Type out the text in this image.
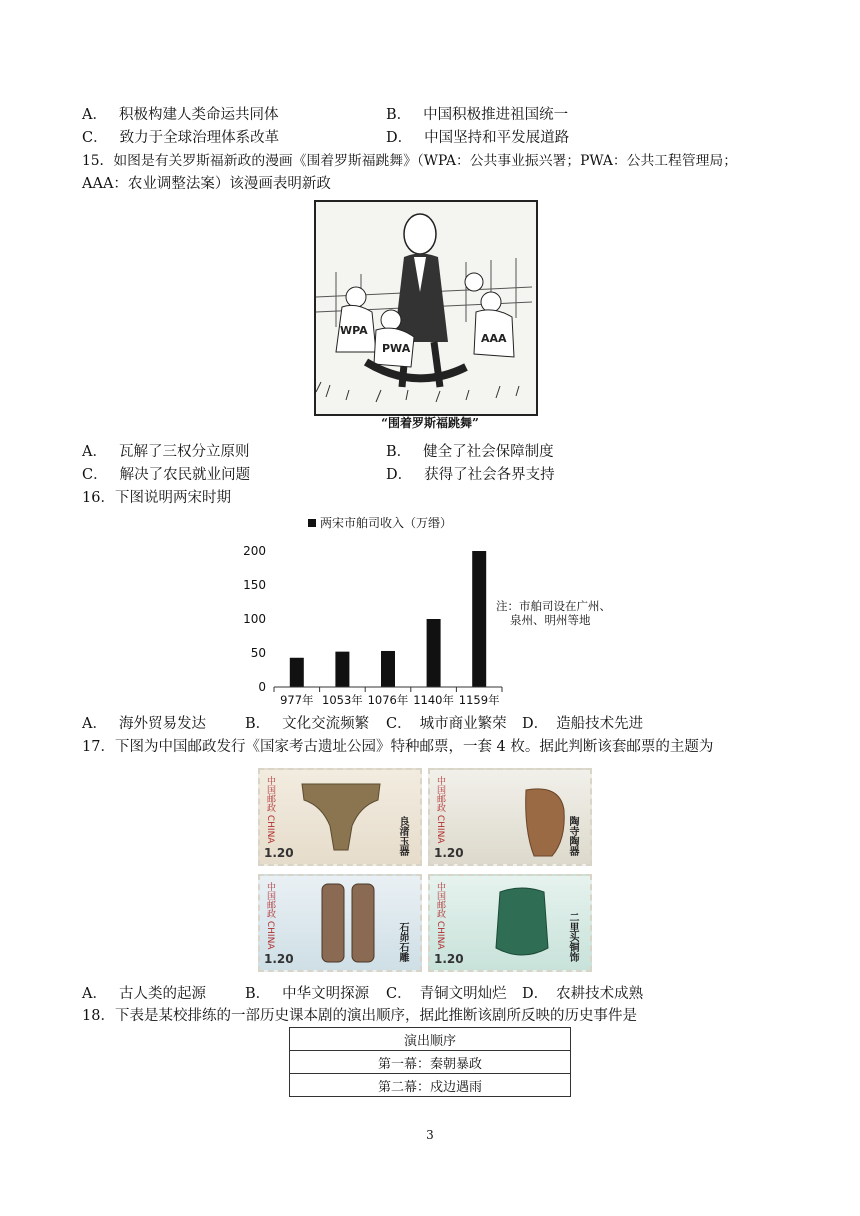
A． 积极构建人类命运共同体	B． 中国积极推进祖国统一
C． 致力于全球治理体系改革	D． 中国坚持和平发展道路
15．如图是有关罗斯福新政的漫画《围着罗斯福跳舞》（WPA：公共事业振兴署；PWA：公共工程管理局；
AAA：农业调整法案）该漫画表明新政
WPA
PWA
AAA
“围着罗斯福跳舞”
A． 瓦解了三权分立原则	B． 健全了社会保障制度
C． 解决了农民就业问题	D． 获得了社会各界支持
16．下图说明两宋时期
两宋市舶司收入（万缗）
0
50
100
150
200
977年 1053年 1076年 1140年 1159年
注：市舶司设在广州、
泉州、明州等地
A． 海外贸易发达	B． 文化交流频繁 C． 城市商业繁荣 D． 造船技术先进
17．下图为中国邮政发行《国家考古遗址公园》特种邮票，一套 4 枚。据此判断该套邮票的主题为
中国邮政 CHINA
1.20	良渚玉器	中国邮政 CHINA
1.20	陶寺陶器
中国邮政 CHINA
1.20	石峁石雕	中国邮政 CHINA
1.20	二里头铜饰
A． 古人类的起源	B． 中华文明探源 C． 青铜文明灿烂 D． 农耕技术成熟
18．下表是某校排练的一部历史课本剧的演出顺序，据此推断该剧所反映的历史事件是
演出顺序
第一幕：秦朝暴政
第二幕：戍边遇雨
3
